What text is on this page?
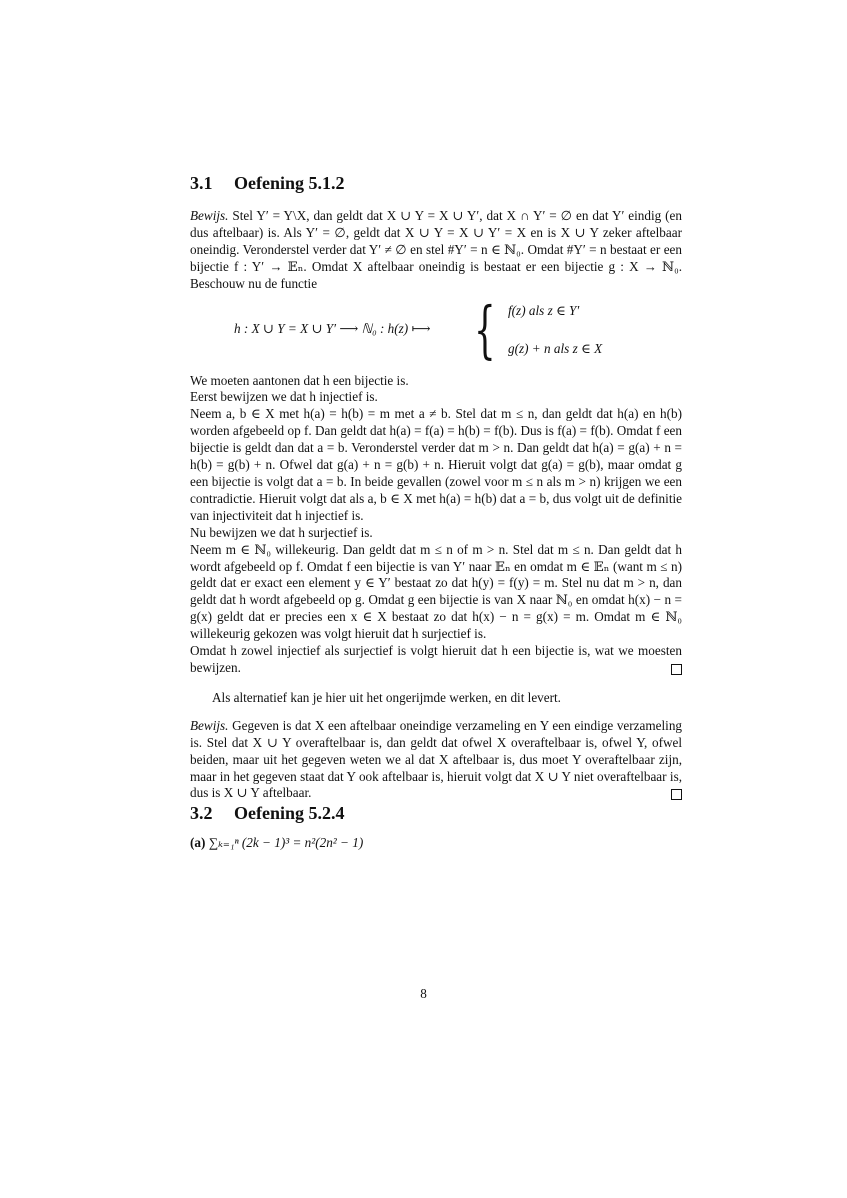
3.1 Oefening 5.1.2

Bewijs. Stel Y′ = Y\X, dan geldt dat X ∪ Y = X ∪ Y′, dat X ∩ Y′ = ∅ en dat Y′ eindig (en dus aftelbaar) is. Als Y′ = ∅, geldt dat X ∪ Y = X ∪ Y′ = X en is X ∪ Y zeker aftelbaar oneindig. Veronderstel verder dat Y′ ≠ ∅ en stel #Y′ = n ∈ ℕ₀. Omdat #Y′ = n bestaat er een bijectie f : Y′ → 𝔼ₙ. Omdat X aftelbaar oneindig is bestaat er een bijectie g : X → ℕ₀. Beschouw nu de functie

h : X ∪ Y = X ∪ Y′ ⟶ ℕ₀ : h(z) ⟼ { f(z) als z ∈ Y′
g(z) + n als z ∈ X

We moeten aantonen dat h een bijectie is.
Eerst bewijzen we dat h injectief is.
Neem a, b ∈ X met h(a) = h(b) = m met a ≠ b. Stel dat m ≤ n, dan geldt dat h(a) en h(b) worden afgebeeld op f. Dan geldt dat h(a) = f(a) = h(b) = f(b). Dus is f(a) = f(b). Omdat f een bijectie is geldt dan dat a = b. Veronderstel verder dat m > n. Dan geldt dat h(a) = g(a) + n = h(b) = g(b) + n. Ofwel dat g(a) + n = g(b) + n. Hieruit volgt dat g(a) = g(b), maar omdat g een bijectie is volgt dat a = b. In beide gevallen (zowel voor m ≤ n als m > n) krijgen we een contradictie. Hieruit volgt dat als a, b ∈ X met h(a) = h(b) dat a = b, dus volgt uit de definitie van injectiviteit dat h injectief is.
Nu bewijzen we dat h surjectief is.
Neem m ∈ ℕ₀ willekeurig. Dan geldt dat m ≤ n of m > n. Stel dat m ≤ n. Dan geldt dat h wordt afgebeeld op f. Omdat f een bijectie is van Y′ naar 𝔼ₙ en omdat m ∈ 𝔼ₙ (want m ≤ n) geldt dat er exact een element y ∈ Y′ bestaat zo dat h(y) = f(y) = m. Stel nu dat m > n, dan geldt dat h wordt afgebeeld op g. Omdat g een bijectie is van X naar ℕ₀ en omdat h(x) − n = g(x) geldt dat er precies een x ∈ X bestaat zo dat h(x) − n = g(x) = m. Omdat m ∈ ℕ₀ willekeurig gekozen was volgt hieruit dat h surjectief is.
Omdat h zowel injectief als surjectief is volgt hieruit dat h een bijectie is, wat we moesten bewijzen.

Als alternatief kan je hier uit het ongerijmde werken, en dit levert.

Bewijs. Gegeven is dat X een aftelbaar oneindige verzameling en Y een eindige verzameling is. Stel dat X ∪ Y overaftelbaar is, dan geldt dat ofwel X overaftelbaar is, ofwel Y, ofwel beiden, maar uit het gegeven weten we al dat X aftelbaar is, dus moet Y overaftelbaar zijn, maar in het gegeven staat dat Y ook aftelbaar is, hieruit volgt dat X ∪ Y niet overaftelbaar is, dus is X ∪ Y aftelbaar.

3.2 Oefening 5.2.4
(a) ∑ₖ₌₁ⁿ (2k − 1)³ = n²(2n² − 1)
8
